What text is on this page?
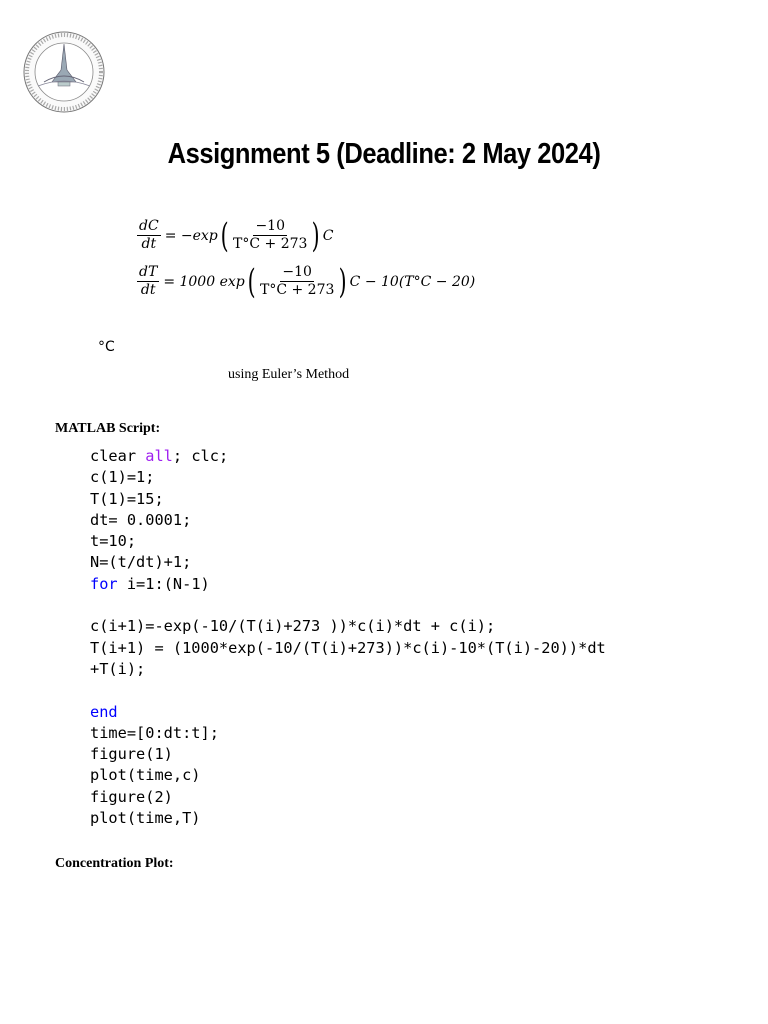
Assignment 5 (Deadline: 2 May 2024)
$\frac{dC}{dt} = -\exp$ ( $\frac{-10}{T^\circ C + 273}$ ) C
$\frac{dT}{dt} = 1000$ exp ( $\frac{-10}{T^\circ C + 273}$ ) C − 10(T°C − 20)
°C
using Euler’s Method
MATLAB Script:
clear all; clc;
c(1)=1;
T(1)=15;
dt= 0.0001;
t=10;
N=(t/dt)+1;
for i=1:(N-1)

c(i+1)=-exp(-10/(T(i)+273 ))*c(i)*dt + c(i);
T(i+1) = (1000*exp(-10/(T(i)+273))*c(i)-10*(T(i)-20))*dt
+T(i);

end
time=[0:dt:t];
figure(1)
plot(time,c)
figure(2)
plot(time,T)
Concentration Plot:
